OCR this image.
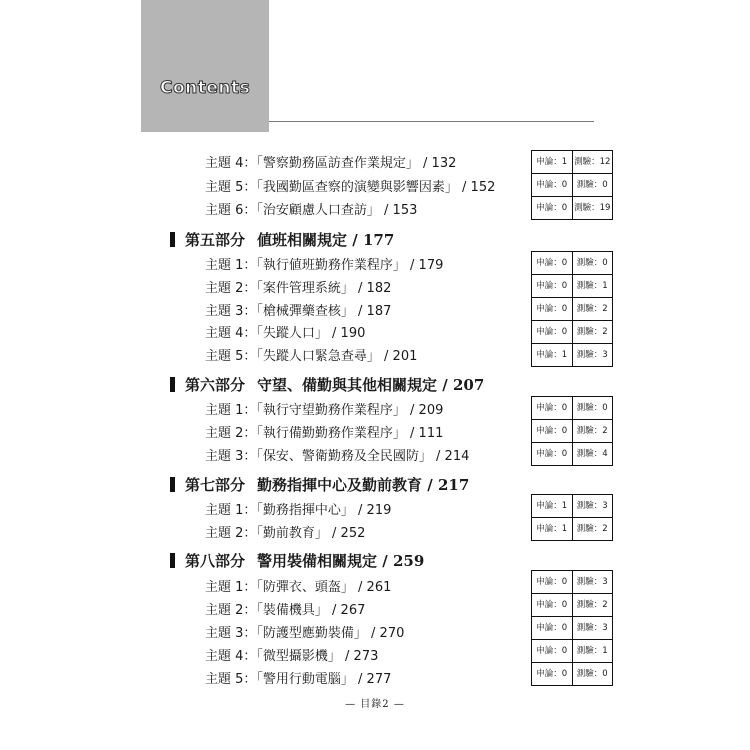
Contents
主題 4：「警察勤務區訪查作業規定」 / 132
主題 5：「我國勤區查察的演變與影響因素」 / 152
主題 6：「治安顧慮人口查訪」 / 153
申論：1 測驗：12
申論：0	測驗：0
申論：0 測驗：19
第五部分 値班相關規定 / 177
主題 1：「執行値班勤務作業程序」 / 179
主題 2：「案件管理系統」 / 182
主題 3：「槍械彈藥查核」 / 187
主題 4：「失蹤人口」 / 190
主題 5：「失蹤人口緊急查尋」 / 201
申論：0	測驗：0
申論：0	測驗：1
申論：0	測驗：2
申論：0	測驗：2
申論：1	測驗：3
第六部分 守望、備勤與其他相關規定 / 207
主題 1：「執行守望勤務作業程序」 / 209
主題 2：「執行備勤勤務作業程序」 / 111
主題 3：「保安、警衛勤務及全民國防」 / 214
申論：0	測驗：0
申論：0	測驗：2
申論：0	測驗：4
第七部分 勤務指揮中心及勤前教育 / 217
主題 1：「勤務指揮中心」 / 219
主題 2：「勤前教育」 / 252
申論：1	測驗：3
申論：1	測驗：2
第八部分 警用裝備相關規定 / 259
主題 1：「防彈衣、頭盔」 / 261
主題 2：「裝備機具」 / 267
主題 3：「防護型應勤裝備」 / 270
主題 4：「微型攝影機」 / 273
主題 5：「警用行動電腦」 / 277
申論：0	測驗：3
申論：0	測驗：2
申論：0	測驗：3
申論：0	測驗：1
申論：0	測驗：0
— 目錄2 —
